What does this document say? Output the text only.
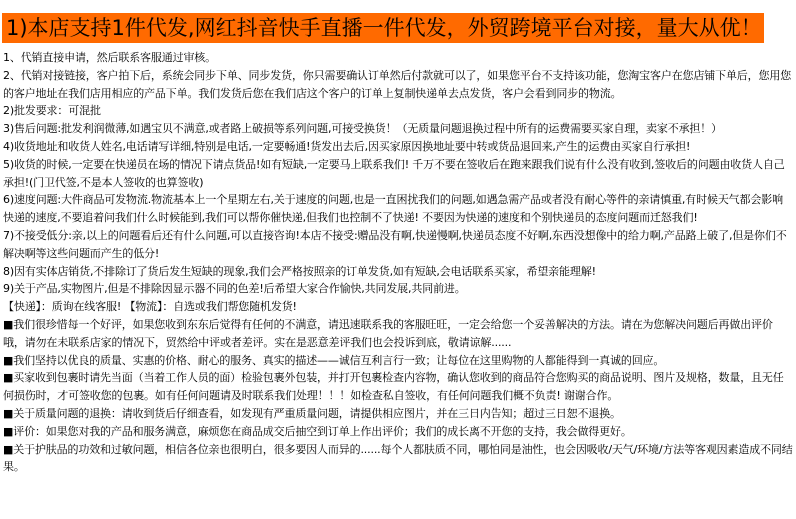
1)本店支持1件代发,网红抖音快手直播一件代发，外贸跨境平台对接，量大从优！

1、代销直接申请，然后联系客服通过审核。

2、代销对接链接，客户拍下后，系统会同步下单、同步发货，你只需要确认订单然后付款就可以了，如果您平台不支持该功能，您淘宝客户在您店铺下单后，您用您的客户地址在我们店用相应的产品下单。我们发货后您在我们店这个客户的订单上复制快递单去点发货，客户会看到同步的物流。

2)批发要求：可混批

3)售后问题:批发利润微薄,如遇宝贝不满意,或者路上破损等系列问题,可接受换货！（无质量问题退换过程中所有的运费需要买家自理，卖家不承担！）

4)收货地址和收货人姓名,电话请写详细,特别是电话,一定要畅通!货发出去后,因买家原因换地址要中转或货品退回来,产生的运费由买家自行承担!

5)收货的时候,一定要在快递员在场的情况下请点货品!如有短缺,一定要马上联系我们! 千万不要在签收后在跑来跟我们说有什么没有收到,签收后的问题由收货人自己承担!(门卫代签,不是本人签收的也算签收)

6)速度问题:大件商品可发物流.物流基本上一个星期左右,关于速度的问题,也是一直困扰我们的问题,如遇急需产品或者没有耐心等件的亲请慎重,有时候天气都会影响快递的速度,不要追着问我们什么时候能到,我们可以帮你催快递,但我们也控制不了快递! 不要因为快递的速度和个别快递员的态度问题而迁怒我们!

7)不接受低分:亲,以上的问题看后还有什么问题,可以直接咨询!本店不接受:赠品没有啊,快递慢啊,快递员态度不好啊,东西没想像中的给力啊,产品路上破了,但是你们不解决啊等这些问题而产生的低分!

8)因有实体店销货,不排除订了货后发生短缺的现象,我们会严格按照亲的订单发货,如有短缺,会电话联系买家，希望亲能理解!

9)关于产品,实物图片,但是不排除因显示器不同的色差!后希望大家合作愉快,共同发展,共同前进。

【快递】：质询在线客服! 【物流】：自选或我们帮您随机发货!

■我们很珍惜每一个好评，如果您收到东东后觉得有任何的不满意，请迅速联系我的客服旺旺，一定会给您一个妥善解决的方法。请在为您解决问题后再做出评价哦，请勿在未联系店家的情况下，贸然给中评或者差评。实在是恶意差评我们也会投诉到底，敬请谅解......

■我们坚持以优良的质量、实惠的价格、耐心的服务、真实的描述——诚信互利言行一致；让每位在这里购物的人都能得到一真诚的回应。

■买家收到包裹时请先当面（当着工作人员的面）检验包裹外包装，并打开包裹检查内容物，确认您收到的商品符合您购买的商品说明、图片及规格，数量，且无任何损伤时，才可签收您的包裹。如有任何问题请及时联系我们处理！！！如检查私自签收，有任何问题我们概不负责! 谢谢合作。

■关于质量问题的退换：请收到货后仔细查看，如发现有严重质量问题，请提供相应图片，并在三日内告知；超过三日恕不退换。

■评价：如果您对我的产品和服务满意，麻烦您在商品成交后抽空到订单上作出评价；我们的成长离不开您的支持，我会做得更好。

■关于护肤品的功效和过敏问题，相信各位亲也很明白，很多要因人而异的......每个人都肤质不同，哪怕同是油性，也会因吸收/天气/环境/方法等客观因素造成不同结果。
